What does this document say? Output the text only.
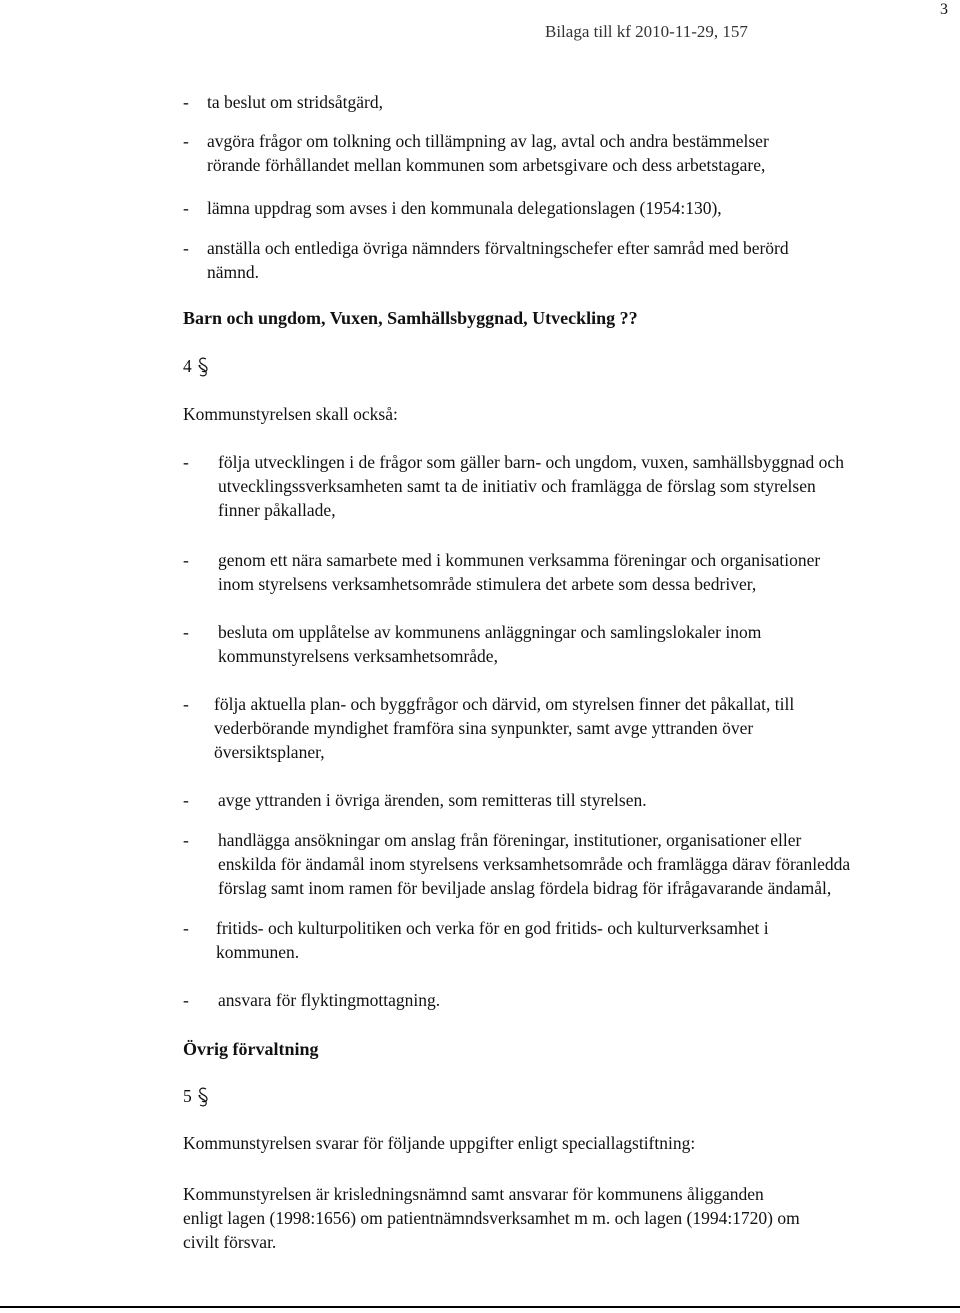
3
Bilaga till kf 2010-11-29, 157
- ta beslut om stridsåtgärd,
- avgöra frågor om tolkning och tillämpning av lag, avtal och andra bestämmelser
rörande förhållandet mellan kommunen som arbetsgivare och dess arbetstagare,
- lämna uppdrag som avses i den kommunala delegationslagen (1954:130),
- anställa och entlediga övriga nämnders förvaltningschefer efter samråd med berörd
nämnd.
Barn och ungdom, Vuxen, Samhällsbyggnad, Utveckling ??
4
Kommunstyrelsen skall också:
- följa utvecklingen i de frågor som gäller barn- och ungdom, vuxen, samhällsbyggnad och
utvecklingssverksamheten samt ta de initiativ och framlägga de förslag som styrelsen
finner påkallade,
- genom ett nära samarbete med i kommunen verksamma föreningar och organisationer
inom styrelsens verksamhetsområde stimulera det arbete som dessa bedriver,
- besluta om upplåtelse av kommunens anläggningar och samlingslokaler inom
kommunstyrelsens verksamhetsområde,
- följa aktuella plan- och byggfrågor och därvid, om styrelsen finner det påkallat, till
vederbörande myndighet framföra sina synpunkter, samt avge yttranden över
översiktsplaner,
- avge yttranden i övriga ärenden, som remitteras till styrelsen.
- handlägga ansökningar om anslag från föreningar, institutioner, organisationer eller
enskilda för ändamål inom styrelsens verksamhetsområde och framlägga därav föranledda
förslag samt inom ramen för beviljade anslag fördela bidrag för ifrågavarande ändamål,
- fritids- och kulturpolitiken och verka för en god fritids- och kulturverksamhet i
kommunen.
- ansvara för flyktingmottagning.
Övrig förvaltning
5
Kommunstyrelsen svarar för följande uppgifter enligt speciallagstiftning:
Kommunstyrelsen är krisledningsnämnd samt ansvarar för kommunens åligganden
enligt lagen (1998:1656) om patientnämndsverksamhet m m. och lagen (1994:1720) om
civilt försvar.
